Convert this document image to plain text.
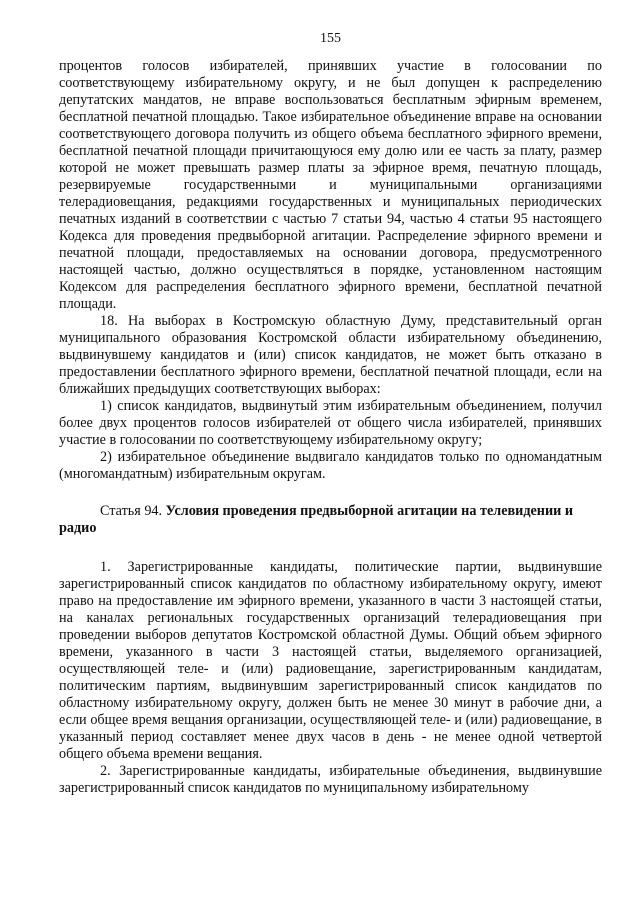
155

процентов голосов избирателей, принявших участие в голосовании по соответствующему избирательному округу, и не был допущен к распределению депутатских мандатов, не вправе воспользоваться бесплатным эфирным временем, бесплатной печатной площадью. Такое избирательное объединение вправе на основании соответствующего договора получить из общего объема бесплатного эфирного времени, бесплатной печатной площади причитающуюся ему долю или ее часть за плату, размер которой не может превышать размер платы за эфирное время, печатную площадь, резервируемые государственными и муниципальными организациями телерадиовещания, редакциями государственных и муниципальных периодических печатных изданий в соответствии с частью 7 статьи 94, частью 4 статьи 95 настоящего Кодекса для проведения предвыборной агитации. Распределение эфирного времени и печатной площади, предоставляемых на основании договора, предусмотренного настоящей частью, должно осуществляться в порядке, установленном настоящим Кодексом для распределения бесплатного эфирного времени, бесплатной печатной площади.

18. На выборах в Костромскую областную Думу, представительный орган муниципального образования Костромской области избирательному объединению, выдвинувшему кандидатов и (или) список кандидатов, не может быть отказано в предоставлении бесплатного эфирного времени, бесплатной печатной площади, если на ближайших предыдущих соответствующих выборах:

1) список кандидатов, выдвинутый этим избирательным объединением, получил более двух процентов голосов избирателей от общего числа избирателей, принявших участие в голосовании по соответствующему избирательному округу;

2) избирательное объединение выдвигало кандидатов только по одномандатным (многомандатным) избирательным округам.

Статья 94. Условия проведения предвыборной агитации на телевидении и радио

1. Зарегистрированные кандидаты, политические партии, выдвинувшие зарегистрированный список кандидатов по областному избирательному округу, имеют право на предоставление им эфирного времени, указанного в части 3 настоящей статьи, на каналах региональных государственных организаций телерадиовещания при проведении выборов депутатов Костромской областной Думы. Общий объем эфирного времени, указанного в части 3 настоящей статьи, выделяемого организацией, осуществляющей теле- и (или) радиовещание, зарегистрированным кандидатам, политическим партиям, выдвинувшим зарегистрированный список кандидатов по областному избирательному округу, должен быть не менее 30 минут в рабочие дни, а если общее время вещания организации, осуществляющей теле- и (или) радиовещание, в указанный период составляет менее двух часов в день - не менее одной четвертой общего объема времени вещания.

2. Зарегистрированные кандидаты, избирательные объединения, выдвинувшие зарегистрированный список кандидатов по муниципальному избирательному
